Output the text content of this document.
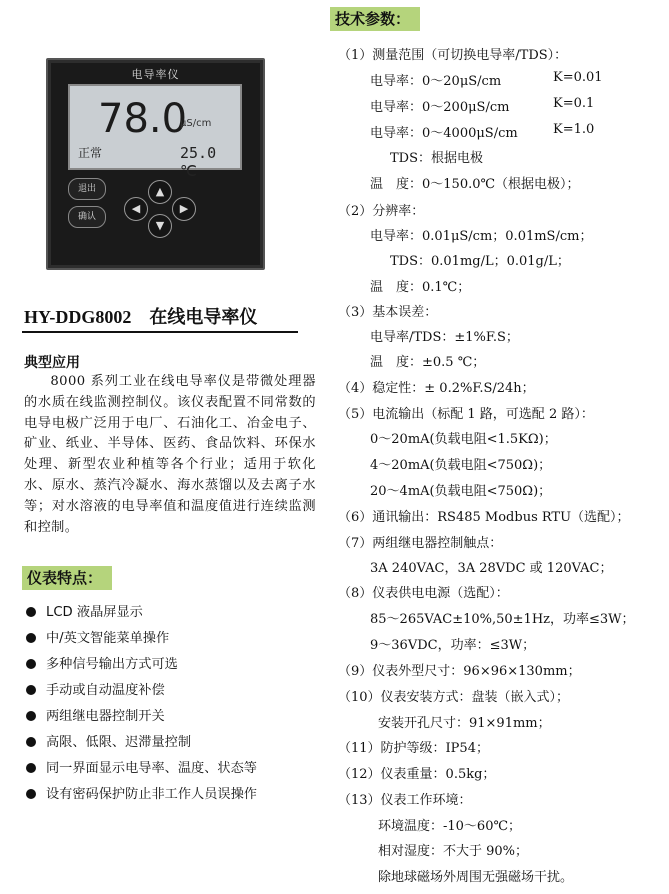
电导率仪
78.0
μS/cm
正常	25.0 ℃
退出
确认
▲
◀	▶
▼
HY-DDG8002    在线电导率仪
典型应用
8000 系列工业在线电导率仪是带微处理器的水质在线监测控制仪。该仪表配置不同常数的电导电极广泛用于电厂、石油化工、冶金电子、矿业、纸业、半导体、医药、食品饮料、环保水处理、新型农业种植等各个行业；适用于软化水、原水、蒸汽冷凝水、海水蒸馏以及去离子水等；对水溶液的电导率值和温度值进行连续监测和控制。
仪表特点：
LCD 液晶屏显示
中/英文智能菜单操作
多种信号输出方式可选
手动或自动温度补偿
两组继电器控制开关
高限、低限、迟滞量控制
同一界面显示电导率、温度、状态等
设有密码保护防止非工作人员误操作
技术参数：
（1）测量范围（可切换电导率/TDS）：
电导率：0～20μS/cm	K=0.01
电导率：0～200μS/cm	K=0.1
电导率：0～4000μS/cm	K=1.0
TDS：根据电极
温　度：0～150.0℃（根据电极）；
（2）分辨率：
电导率：0.01μS/cm；0.01mS/cm；
TDS：0.01mg/L；0.01g/L；
温　度：0.1℃；
（3）基本误差：
电导率/TDS：±1%F.S；
温　度：±0.5 ℃；
（4）稳定性：± 0.2%F.S/24h；
（5）电流输出（标配 1 路，可选配 2 路）：
0～20mA(负载电阻<1.5KΩ)；
4～20mA(负载电阻<750Ω)；
20～4mA(负载电阻<750Ω)；
（6）通讯输出：RS485 Modbus RTU（选配）；
（7）两组继电器控制触点：
3A 240VAC，3A 28VDC 或 120VAC；
（8）仪表供电电源（选配）：
85～265VAC±10%,50±1Hz，功率≤3W；
9～36VDC，功率：≤3W；
（9）仪表外型尺寸：96×96×130mm；
（10）仪表安装方式：盘装（嵌入式）；
安装开孔尺寸：91×91mm；
（11）防护等级：IP54；
（12）仪表重量：0.5kg；
（13）仪表工作环境：
环境温度：-10～60℃；
相对湿度：不大于 90%；
除地球磁场外周围无强磁场干扰。
